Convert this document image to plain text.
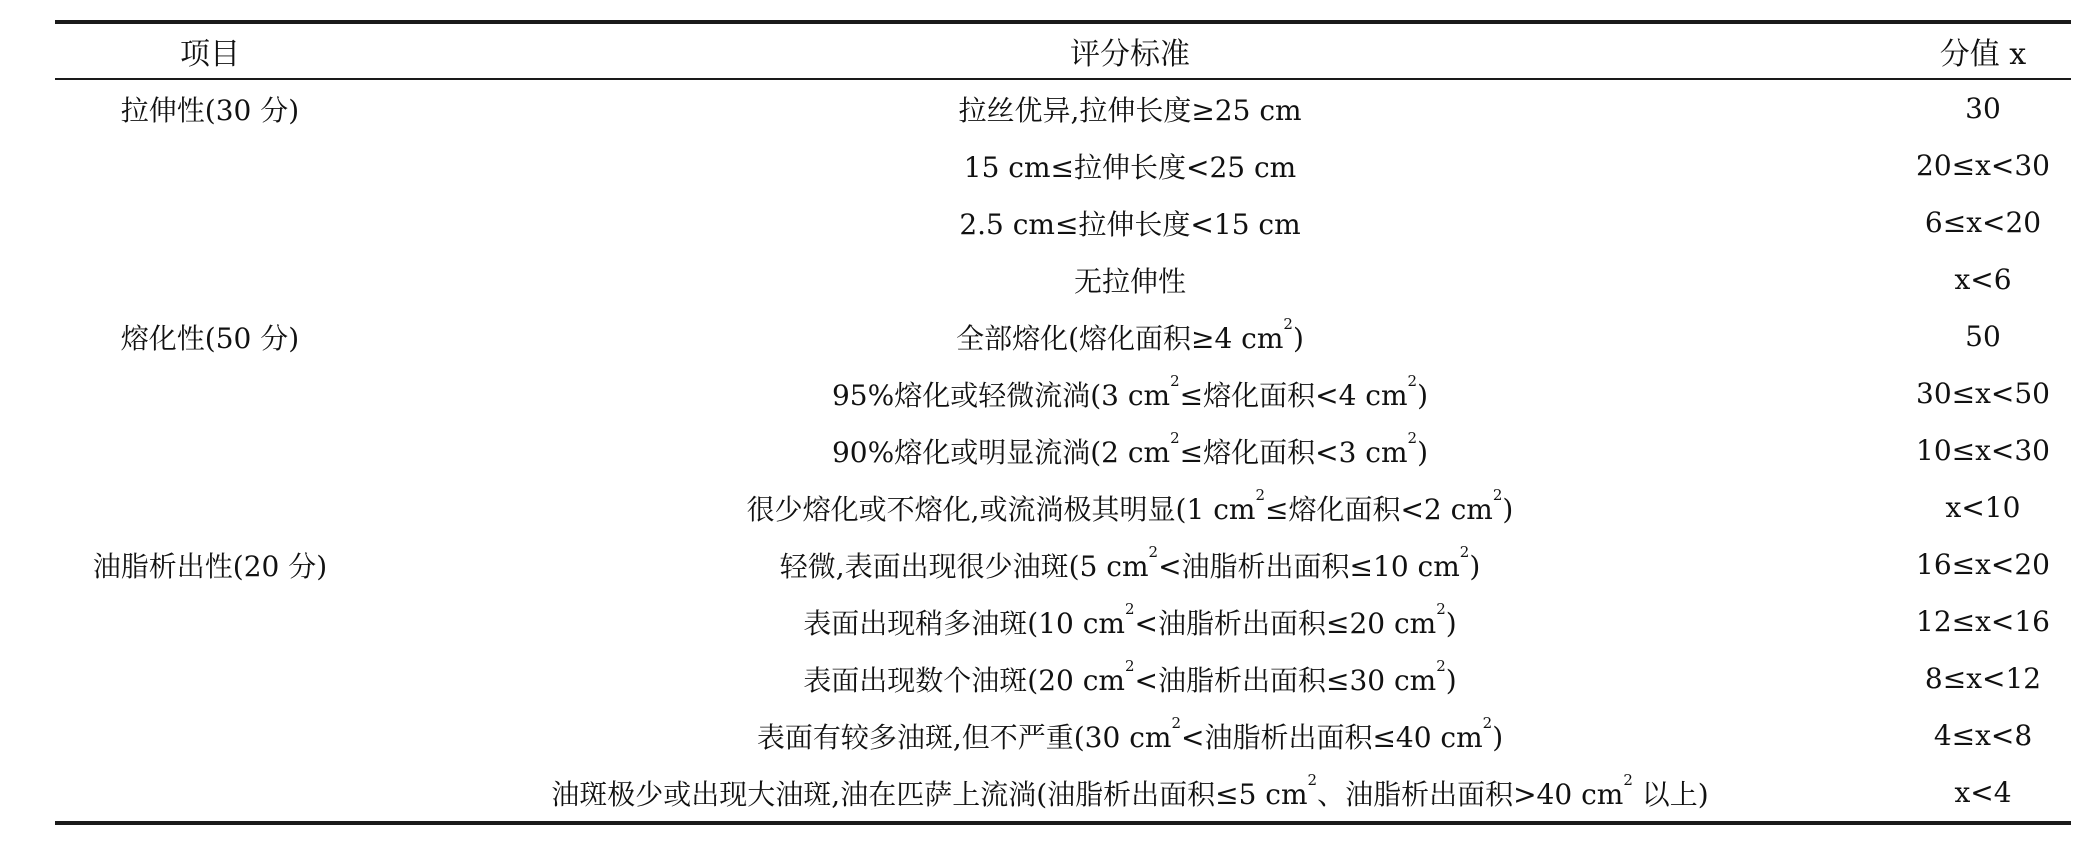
项目	评分标准	分值 x
拉伸性(30 分)	拉丝优异,拉伸长度≥25 cm	30
	15 cm≤拉伸长度<25 cm	20≤x<30
	2.5 cm≤拉伸长度<15 cm	6≤x<20
	无拉伸性	x<6
熔化性(50 分)	全部熔化(熔化面积≥4 $cm^2$)	50
	95%熔化或轻微流淌(3 $cm^2\le$熔化面积<4 $cm^2$)	30≤x<50
	90%熔化或明显流淌(2 $cm^2\le$熔化面积<3 $cm^2$)	10≤x<30
	很少熔化或不熔化,或流淌极其明显(1 $cm^2\le$熔化面积<2 $cm^2$)	x<10
油脂析出性(20 分)	轻微,表面出现很少油斑(5 $cm^2<$油脂析出面积≤10 $cm^2$)	16≤x<20
	表面出现稍多油斑(10 $cm^2<$油脂析出面积≤20 $cm^2$)	12≤x<16
	表面出现数个油斑(20 $cm^2<$油脂析出面积≤30 $cm^2$)	8≤x<12
	表面有较多油斑,但不严重(30 $cm^2<$油脂析出面积≤40 $cm^2$)	4≤x<8
	油斑极少或出现大油斑,油在匹萨上流淌(油脂析出面积≤5 $cm^2$、油脂析出面积>40 $cm^2$ 以上)	x<4
